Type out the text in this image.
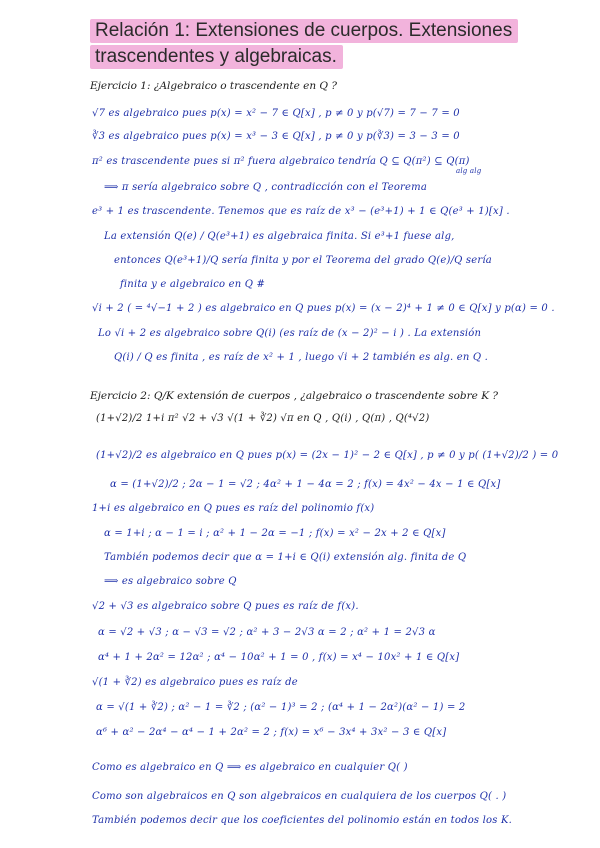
Relación 1: Extensiones de cuerpos. Extensiones
trascendentes y algebraicas.
Ejercicio 1: ¿Algebraico o trascendente en Q ?
√7 es algebraico pues p(x) = x² − 7 ∈ Q[x] , p ≠ 0 y p(√7) = 7 − 7 = 0
∛3 es algebraico pues p(x) = x³ − 3 ∈ Q[x] , p ≠ 0 y p(∛3) = 3 − 3 = 0
π² es trascendente pues si π² fuera algebraico tendría Q ⊆ Q(π²) ⊆ Q(π)
alg alg
⟹ π sería algebraico sobre Q , contradicción con el Teorema
e³ + 1 es trascendente. Tenemos que es raíz de x³ − (e³+1) + 1 ∈ Q(e³ + 1)[x] .
La extensión Q(e) / Q(e³+1) es algebraica finita. Si e³+1 fuese alg,
entonces Q(e³+1)/Q sería finita y por el Teorema del grado Q(e)/Q sería
finita y e algebraico en Q #
√i + 2 ( = ⁴√−1 + 2 ) es algebraico en Q pues p(x) = (x − 2)⁴ + 1 ≠ 0 ∈ Q[x] y p(α) = 0 .
Lo √i + 2 es algebraico sobre Q(i) (es raíz de (x − 2)² − i ) . La extensión
Q(i) / Q es finita , es raíz de x² + 1 , luego √i + 2 también es alg. en Q .
Ejercicio 2: Q/K extensión de cuerpos , ¿algebraico o trascendente sobre K ?
(1+√2)/2 1+i π² √2 + √3 √(1 + ∛2) √π en Q , Q(i) , Q(π) , Q(⁴√2)
(1+√2)/2 es algebraico en Q pues p(x) = (2x − 1)² − 2 ∈ Q[x] , p ≠ 0 y p( (1+√2)/2 ) = 0
α = (1+√2)/2 ; 2α − 1 = √2 ; 4α² + 1 − 4α = 2 ; f(x) = 4x² − 4x − 1 ∈ Q[x]
1+i es algebraico en Q pues es raíz del polinomio f(x)
α = 1+i ; α − 1 = i ; α² + 1 − 2α = −1 ; f(x) = x² − 2x + 2 ∈ Q[x]
También podemos decir que α = 1+i ∈ Q(i) extensión alg. finita de Q
⟹ es algebraico sobre Q
√2 + √3 es algebraico sobre Q pues es raíz de f(x).
α = √2 + √3 ; α − √3 = √2 ; α² + 3 − 2√3 α = 2 ; α² + 1 = 2√3 α
α⁴ + 1 + 2α² = 12α² ; α⁴ − 10α² + 1 = 0 , f(x) = x⁴ − 10x² + 1 ∈ Q[x]
√(1 + ∛2) es algebraico pues es raíz de
α = √(1 + ∛2) ; α² − 1 = ∛2 ; (α² − 1)³ = 2 ; (α⁴ + 1 − 2α²)(α² − 1) = 2
α⁶ + α² − 2α⁴ − α⁴ − 1 + 2α² = 2 ; f(x) = x⁶ − 3x⁴ + 3x² − 3 ∈ Q[x]
Como es algebraico en Q ⟹ es algebraico en cualquier Q( )
Como son algebraicos en Q son algebraicos en cualquiera de los cuerpos Q( . )
También podemos decir que los coeficientes del polinomio están en todos los K.
